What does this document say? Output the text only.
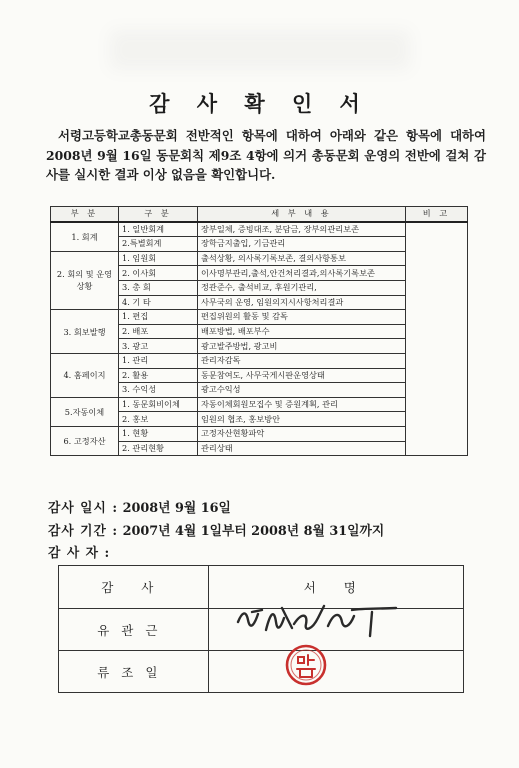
감 사 확 인 서
서령고등학교총동문회 전반적인 항목에 대하여 아래와 같은 항목에 대하여 2008년 9월 16일 동문회칙 제9조 4항에 의거 총동문회 운영의 전반에 걸쳐 감사를 실시한 결과 이상 없음을 확인합니다.
부 분	구 분	세 부 내 용	비 고
1. 회계	1. 일반회계	장부일체, 증빙대조, 분담금, 장부의관리보존	
	2.특별회계	장학금지출입, 기금관리	
2. 회의 및 운영 상황	1. 임원회	출석상황, 의사록기록보존, 결의사항통보	
	2. 이사회	이사명부관리,출석,안건처리결과,의사록기록보존	
	3. 총 회	정관준수, 출석비교, 후원기관리,	
	4. 기 타	사무국의 운영, 임원의지시사항처리결과	
3. 회보발행	1. 편집	편집위원의 활동 및 감독	
	2. 배포	배포방법, 배포부수	
	3. 광고	광고발주방법, 광고비	
4. 홈페이지	1. 관리	관리자감독	
	2. 활용	동문참여도, 사무국게시판운영상태	
	3. 수익성	광고수익성	
5.자동이체	1. 동문회비이체	자동이체회원모집수 및 증원계획, 관리	
	2. 홍보	임원의 협조, 홍보방안	
6. 고정자산	1. 현황	고정자산현황파악	
	2. 관리현황	관리상태	
감사 일시 : 2008년 9월 16일
감사 기간 : 2007년 4월 1일부터 2008년 8월 31일까지
감 사 자 :
감 사	서 명
유관근	
류조일	
